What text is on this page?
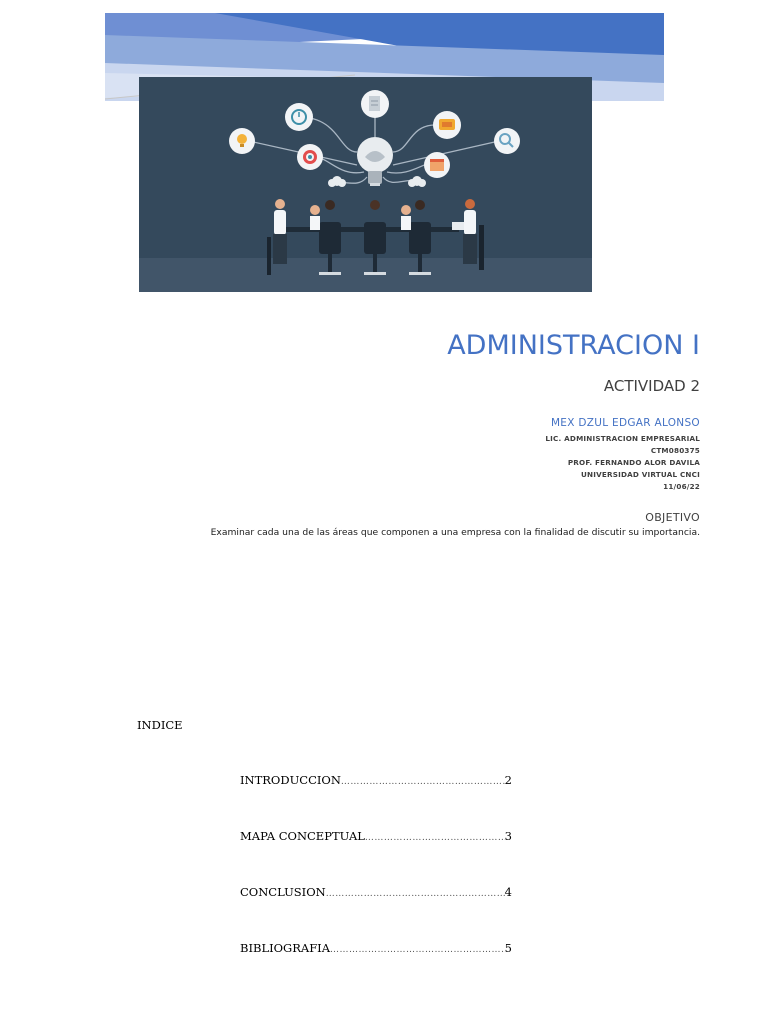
ADMINISTRACION I
ACTIVIDAD 2
MEX DZUL EDGAR ALONSO
LIC. ADMINISTRACION EMPRESARIAL
CTM080375
PROF. FERNANDO ALOR DAVILA
UNIVERSIDAD VIRTUAL CNCI
11/06/22
OBJETIVO
Examinar cada una de las áreas que componen a una empresa con la finalidad de discutir su importancia.
INDICE
INTRODUCCION ……………………………………………………………………………………………………	2
MAPA CONCEPTUAL ……………………………………………………………………………………………………	3
CONCLUSION ……………………………………………………………………………………………………	4
BIBLIOGRAFIA ……………………………………………………………………………………………………	5
